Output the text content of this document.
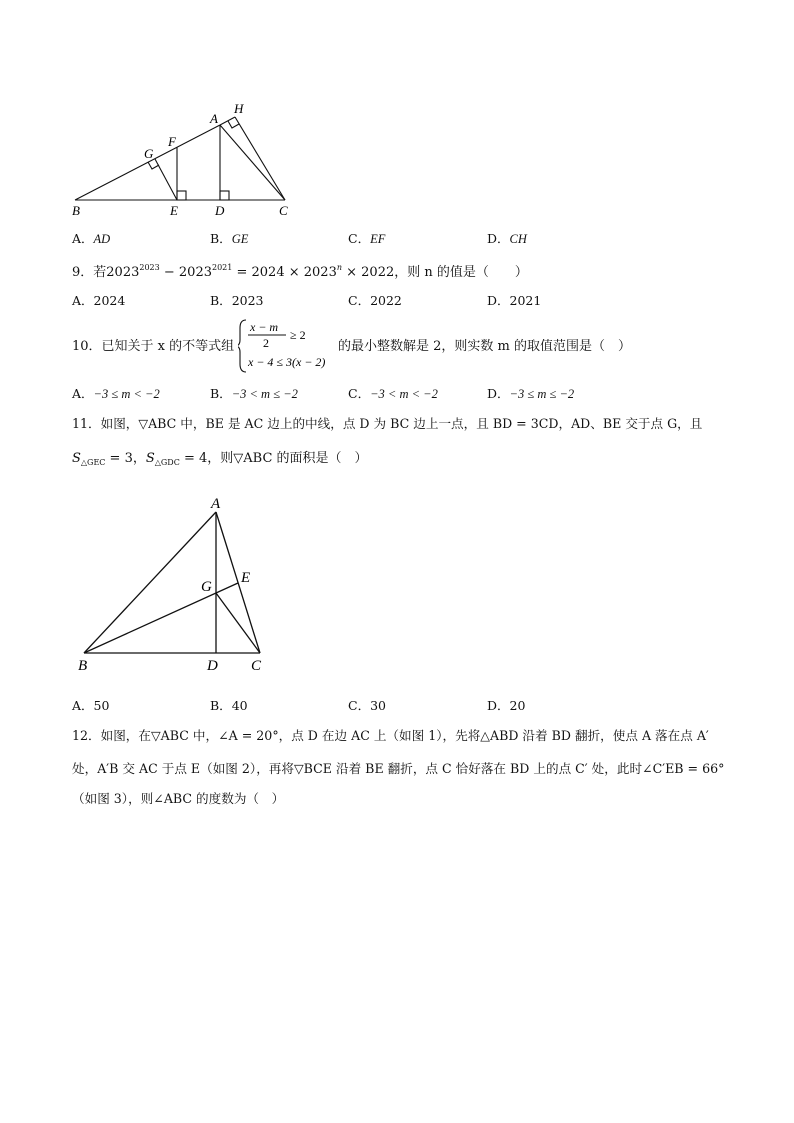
A
H
G
F
B	E	D	C
A．AD	B．GE	C．EF	D．CH
9．若$2023^{2023} - 2023^{2021} = 2024 \times 2023^n \times 2022$，则 n 的值是（　　）
A．2024	B．2023	C．2022	D．2021
10．已知关于 x 的不等式组
x − m
2
≥ 2
x − 4 ≤ 3(x − 2)
的最小整数解是 2，则实数 m 的取值范围是（　）
A．−3 ≤ m < −2	B．−3 < m ≤ −2	C．−3 < m < −2	D．−3 ≤ m ≤ −2
11．如图，▽ABC 中，BE 是 AC 边上的中线，点 D 为 BC 边上一点，且 BD = 3CD，AD、BE 交于点 G，且
$S_{\triangle GEC} = 3$，$S_{\triangle GDC} = 4$，则▽ABC 的面积是（　）
A
G
E
B	D C
A．50	B．40	C．30	D．20
12．如图，在▽ABC 中，∠A = 20°，点 D 在边 AC 上（如图 1），先将△ABD 沿着 BD 翻折，使点 A 落在点 A′
处，A′B 交 AC 于点 E（如图 2），再将▽BCE 沿着 BE 翻折，点 C 恰好落在 BD 上的点 C′ 处，此时∠C′EB = 66°
（如图 3），则∠ABC 的度数为（　）
